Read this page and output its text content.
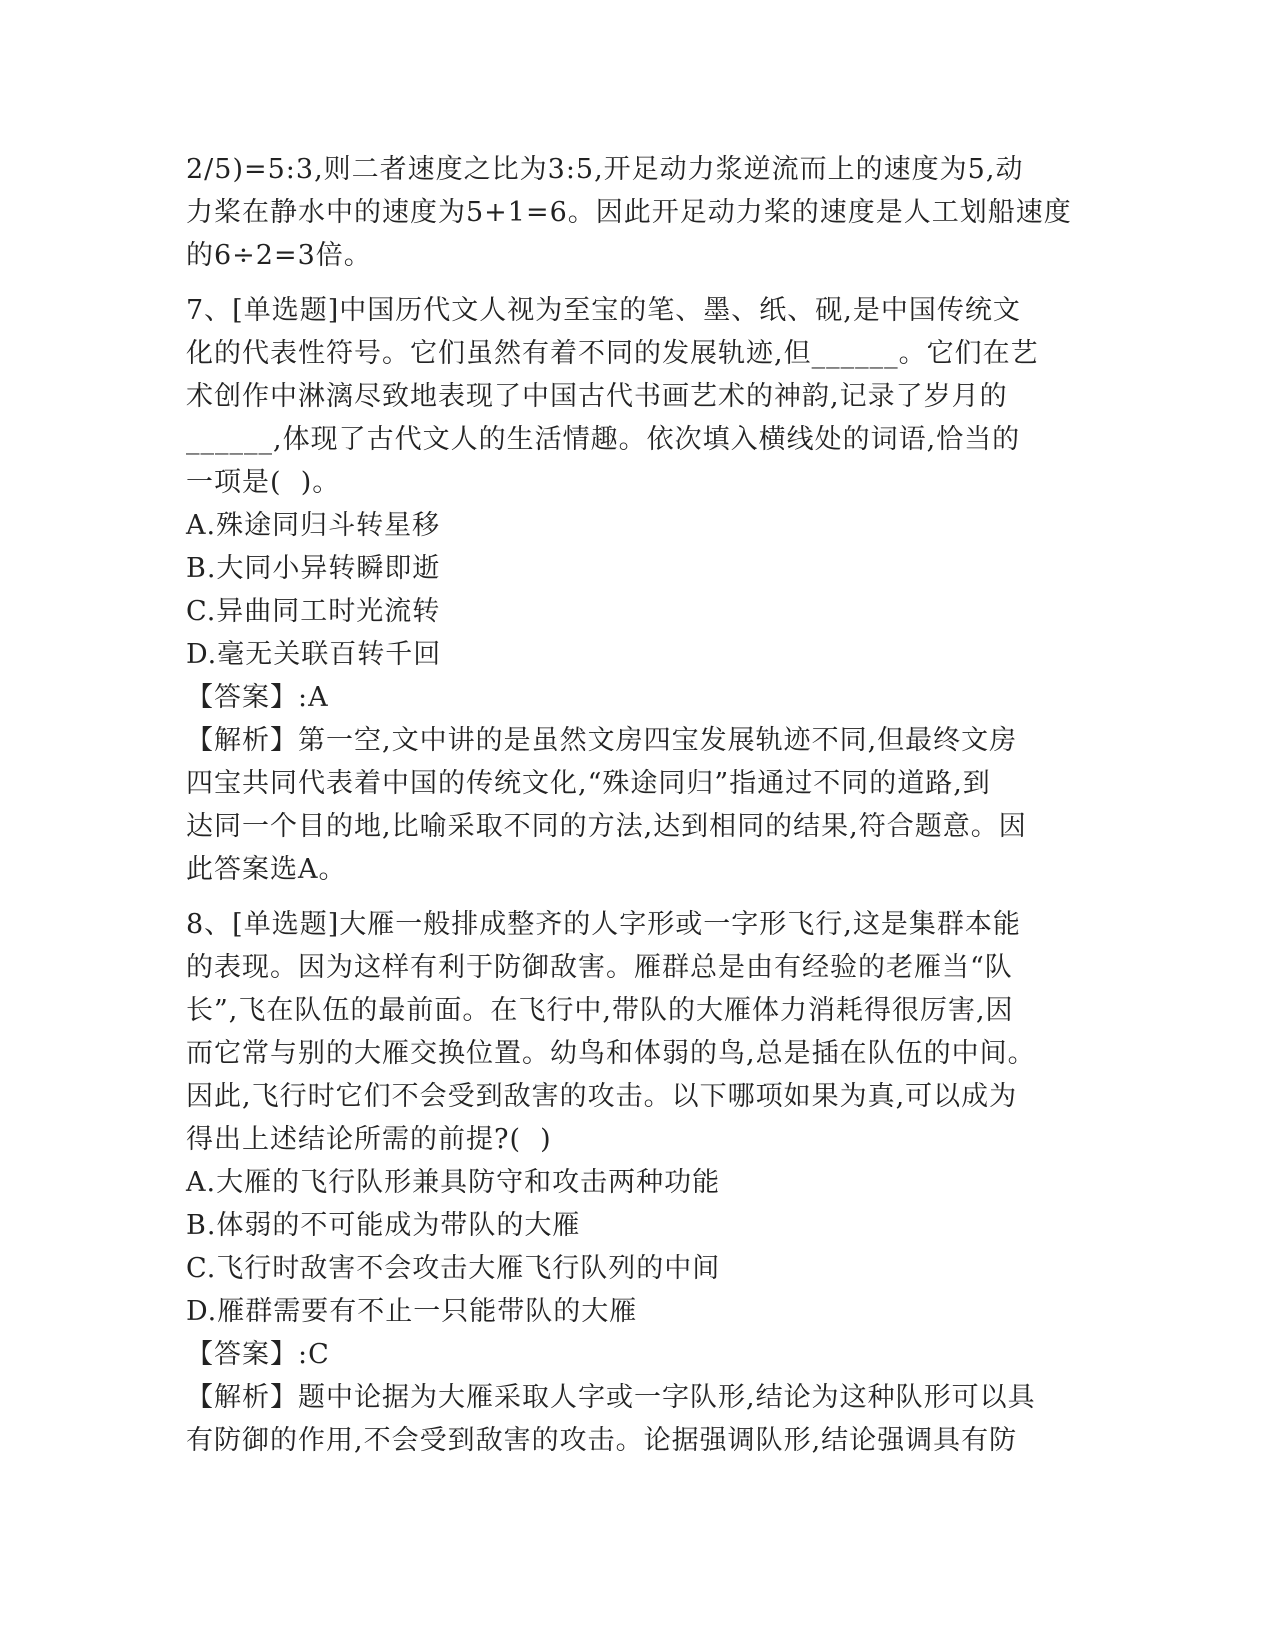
2/5)=5:3,则二者速度之比为3:5,开足动力浆逆流而上的速度为5,动
力桨在静水中的速度为5+1=6。因此开足动力桨的速度是人工划船速度
的6÷2=3倍。
7、[单选题]中国历代文人视为至宝的笔、墨、纸、砚,是中国传统文
化的代表性符号。它们虽然有着不同的发展轨迹,但______。它们在艺
术创作中淋漓尽致地表现了中国古代书画艺术的神韵,记录了岁月的
______,体现了古代文人的生活情趣。依次填入横线处的词语,恰当的
一项是(  )。
A.殊途同归斗转星移
B.大同小异转瞬即逝
C.异曲同工时光流转
D.毫无关联百转千回
【答案】:A
【解析】第一空,文中讲的是虽然文房四宝发展轨迹不同,但最终文房
四宝共同代表着中国的传统文化,“殊途同归”指通过不同的道路,到
达同一个目的地,比喻采取不同的方法,达到相同的结果,符合题意。因
此答案选A。
8、[单选题]大雁一般排成整齐的人字形或一字形飞行,这是集群本能
的表现。因为这样有利于防御敌害。雁群总是由有经验的老雁当“队
长”,飞在队伍的最前面。在飞行中,带队的大雁体力消耗得很厉害,因
而它常与别的大雁交换位置。幼鸟和体弱的鸟,总是插在队伍的中间。
因此,飞行时它们不会受到敌害的攻击。以下哪项如果为真,可以成为
得出上述结论所需的前提?(  )
A.大雁的飞行队形兼具防守和攻击两种功能
B.体弱的不可能成为带队的大雁
C.飞行时敌害不会攻击大雁飞行队列的中间
D.雁群需要有不止一只能带队的大雁
【答案】:C
【解析】题中论据为大雁采取人字或一字队形,结论为这种队形可以具
有防御的作用,不会受到敌害的攻击。论据强调队形,结论强调具有防
